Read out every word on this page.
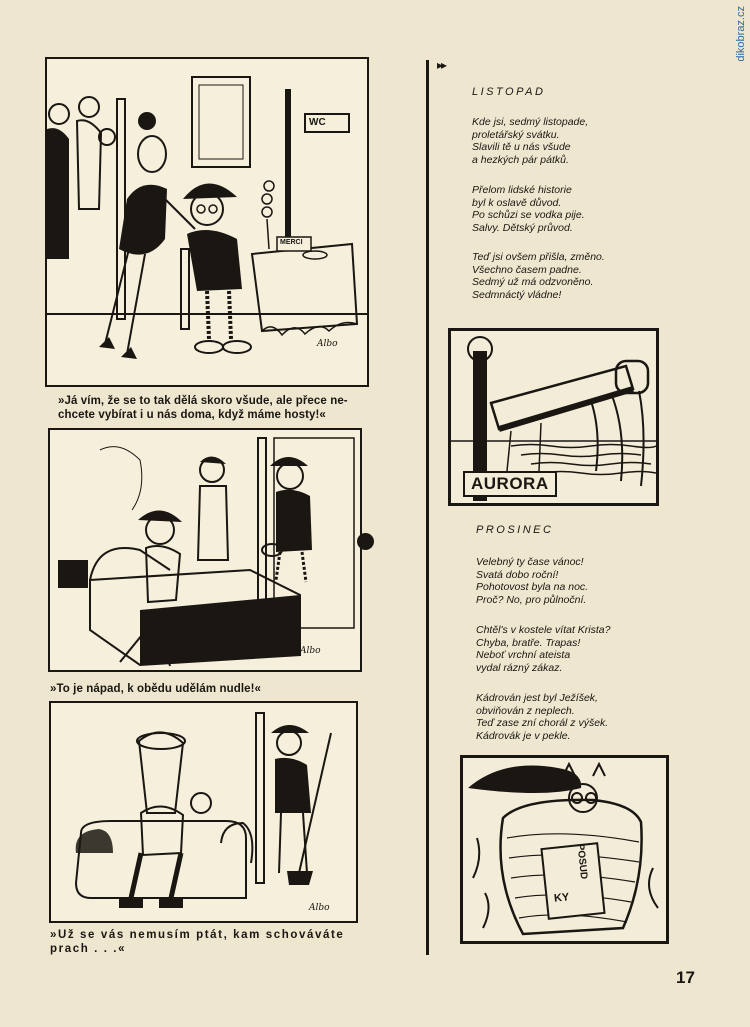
dikobraz.cz
WC
MERCI
Albo
»Já vím, že se to tak dělá skoro všude, ale přece ne-chcete vybírat i u nás doma, když máme hosty!«
Albo
»To je nápad, k obědu udělám nudle!«
Albo
»Už se vás nemusím ptát, kam schováváte prach . . .«
▸▸
LISTOPAD
Kde jsi, sedmý listopade,
proletářský svátku.
Slavili tě u nás všude
a hezkých pár pátků.
Přelom lidské historie
byl k oslavě důvod.
Po schůzi se vodka pije.
Salvy. Dětský průvod.
Teď jsi ovšem přišla, změno.
Všechno časem padne.
Sedmý už má odzvoněno.
Sedmnáctý vládne!
AURORA
PROSINEC
Velebný ty čase vánoc!
Svatá dobo roční!
Pohotovost byla na noc.
Proč? No, pro půlnoční.
Chtěl's v kostele vítat Krista?
Chyba, bratře. Trapas!
Neboť vrchní ateista
vydal rázný zákaz.
Kádrován jest byl Ježíšek,
obviňován z neplech.
Teď zase zní chorál z výšek.
Kádrovák je v pekle.
POSUD
KY
17
